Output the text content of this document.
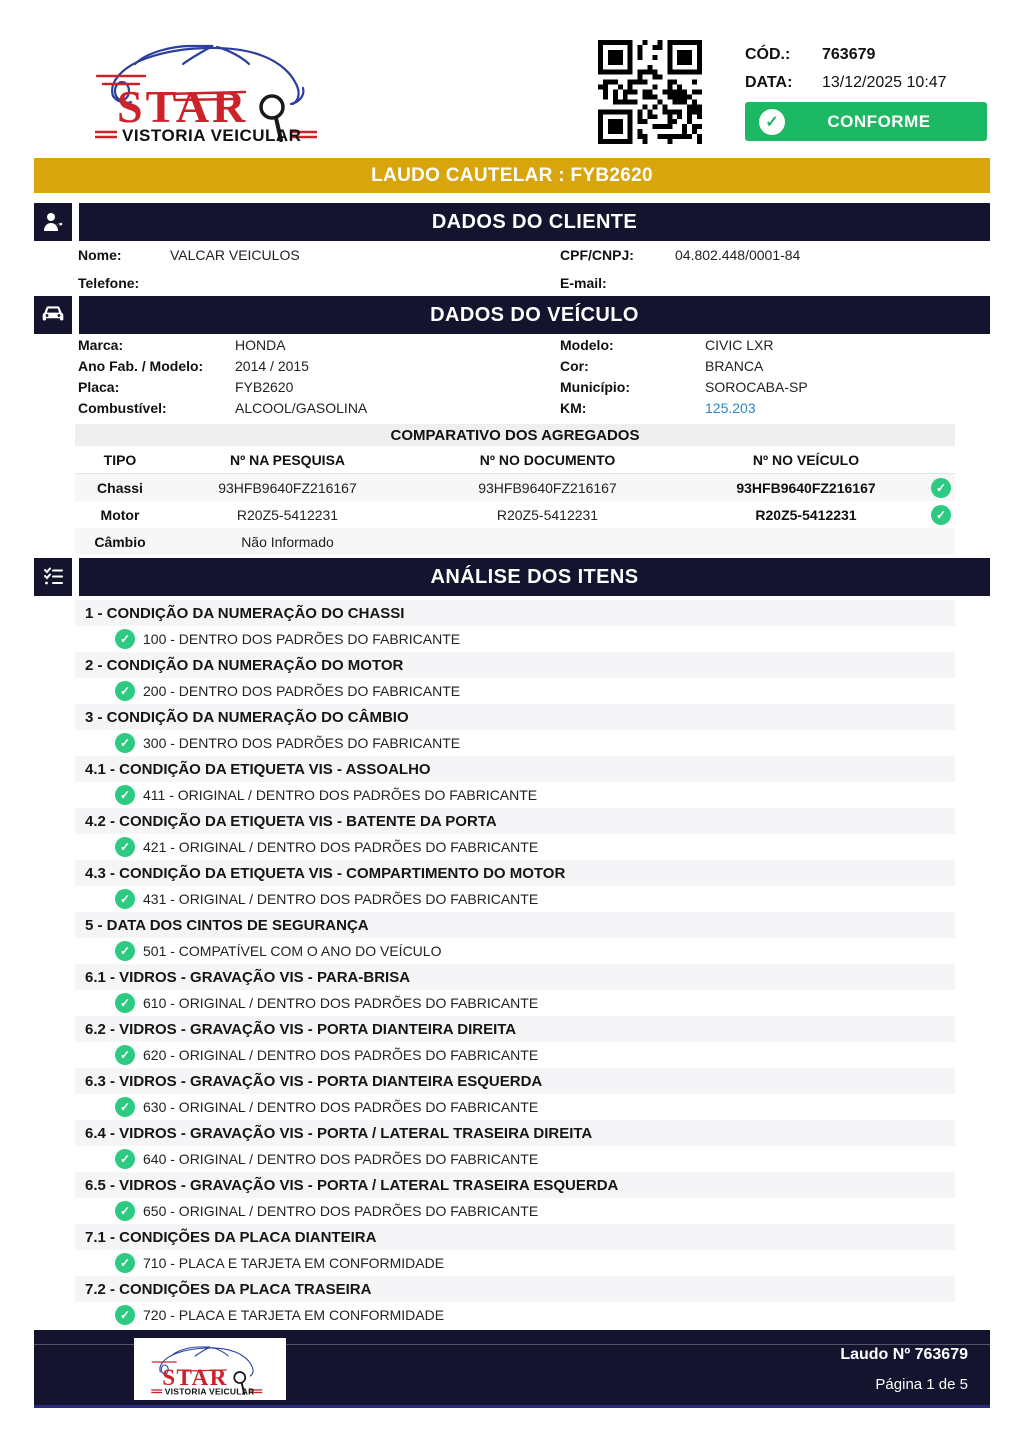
STAR
VISTORIA VEICULAR
CÓD.: 763679
DATA: 13/12/2025 10:47
✓
CONFORME
LAUDO CAUTELAR : FYB2620
DADOS DO CLIENTE
Nome:	VALCAR VEICULOS	CPF/CNPJ:	04.802.448/0001-84
Telefone:	E-mail:
DADOS DO VEÍCULO
Marca:	HONDA	Modelo:	CIVIC LXR
Ano Fab. / Modelo: 2014 / 2015	Cor:	BRANCA
Placa:	FYB2620	Município:	SOROCABA-SP
Combustível:	ALCOOL/GASOLINA	KM:	125.203
COMPARATIVO DOS AGREGADOS
TIPO	Nº NA PESQUISA	Nº NO DOCUMENTO	Nº NO VEÍCULO
Chassi	93HFB9640FZ216167	93HFB9640FZ216167	93HFB9640FZ216167
✓
Motor	R20Z5-5412231	R20Z5-5412231	R20Z5-5412231
✓
Câmbio	Não Informado
ANÁLISE DOS ITENS
1 - CONDIÇÃO DA NUMERAÇÃO DO CHASSI
✓
100 - DENTRO DOS PADRÕES DO FABRICANTE
2 - CONDIÇÃO DA NUMERAÇÃO DO MOTOR
✓
200 - DENTRO DOS PADRÕES DO FABRICANTE
3 - CONDIÇÃO DA NUMERAÇÃO DO CÂMBIO
✓
300 - DENTRO DOS PADRÕES DO FABRICANTE
4.1 - CONDIÇÃO DA ETIQUETA VIS - ASSOALHO
✓
411 - ORIGINAL / DENTRO DOS PADRÕES DO FABRICANTE
4.2 - CONDIÇÃO DA ETIQUETA VIS - BATENTE DA PORTA
✓
421 - ORIGINAL / DENTRO DOS PADRÕES DO FABRICANTE
4.3 - CONDIÇÃO DA ETIQUETA VIS - COMPARTIMENTO DO MOTOR
✓
431 - ORIGINAL / DENTRO DOS PADRÕES DO FABRICANTE
5 - DATA DOS CINTOS DE SEGURANÇA
✓
501 - COMPATÍVEL COM O ANO DO VEÍCULO
6.1 - VIDROS - GRAVAÇÃO VIS - PARA-BRISA
✓
610 - ORIGINAL / DENTRO DOS PADRÕES DO FABRICANTE
6.2 - VIDROS - GRAVAÇÃO VIS - PORTA DIANTEIRA DIREITA
✓
620 - ORIGINAL / DENTRO DOS PADRÕES DO FABRICANTE
6.3 - VIDROS - GRAVAÇÃO VIS - PORTA DIANTEIRA ESQUERDA
✓
630 - ORIGINAL / DENTRO DOS PADRÕES DO FABRICANTE
6.4 - VIDROS - GRAVAÇÃO VIS - PORTA / LATERAL TRASEIRA DIREITA
✓
640 - ORIGINAL / DENTRO DOS PADRÕES DO FABRICANTE
6.5 - VIDROS - GRAVAÇÃO VIS - PORTA / LATERAL TRASEIRA ESQUERDA
✓
650 - ORIGINAL / DENTRO DOS PADRÕES DO FABRICANTE
7.1 - CONDIÇÕES DA PLACA DIANTEIRA
✓
710 - PLACA E TARJETA EM CONFORMIDADE
7.2 - CONDIÇÕES DA PLACA TRASEIRA
✓
720 - PLACA E TARJETA EM CONFORMIDADE
STAR
VISTORIA VEICULAR
Laudo Nº 763679
Página 1 de 5
